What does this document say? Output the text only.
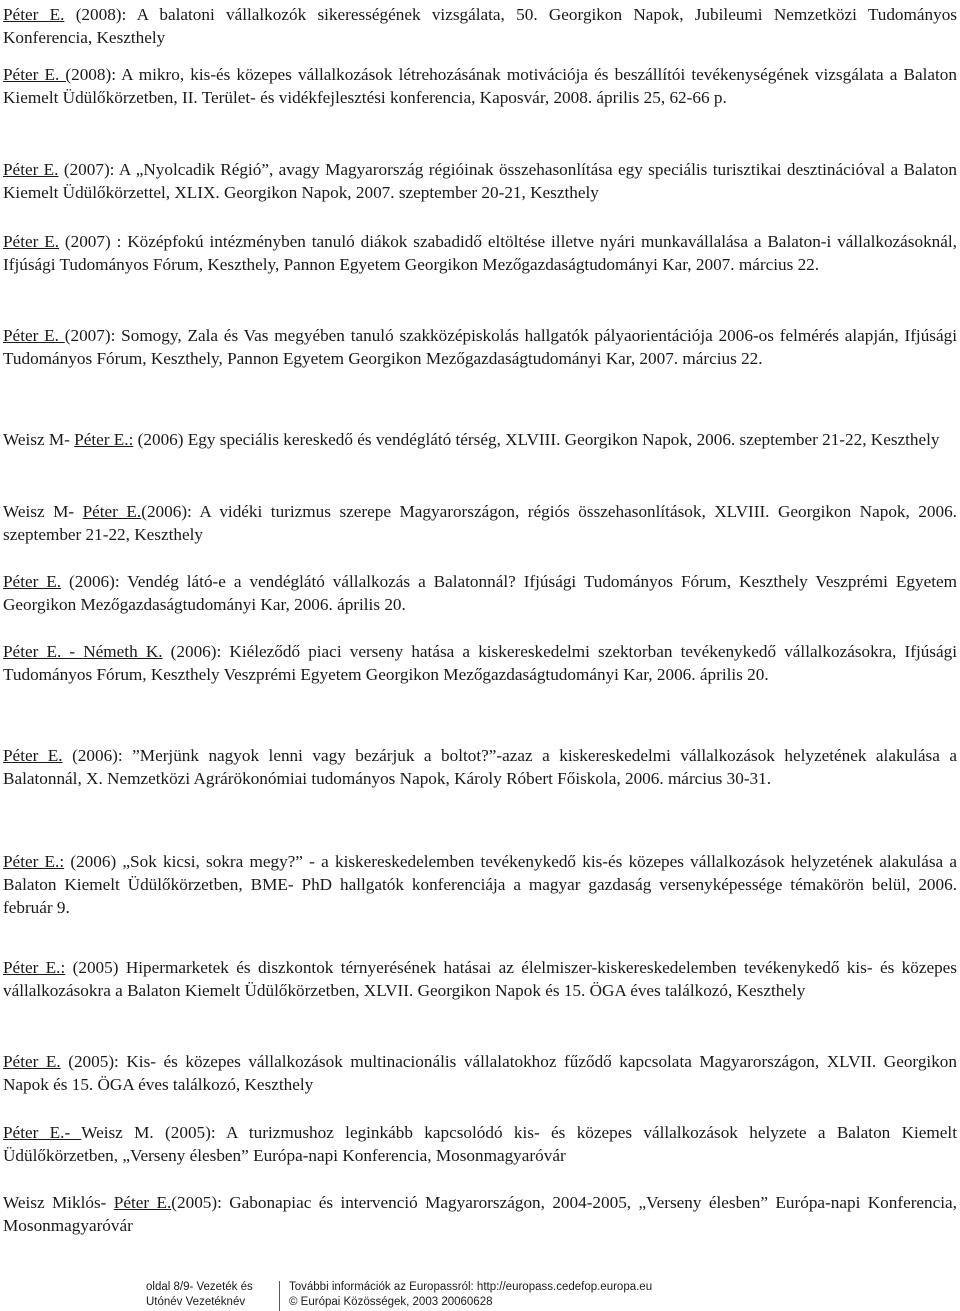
Péter E. (2008): A balatoni vállalkozók sikerességének vizsgálata, 50. Georgikon Napok, Jubileumi Nemzetközi Tudományos Konferencia, Keszthely

Péter E. (2008): A mikro, kis-és közepes vállalkozások létrehozásának motivációja és beszállítói tevékenységének vizsgálata a Balaton Kiemelt Üdülőkörzetben, II. Terület- és vidékfejlesztési konferencia, Kaposvár, 2008. április 25, 62-66 p.

Péter E. (2007): A „Nyolcadik Régió”, avagy Magyarország régióinak összehasonlítása egy speciális turisztikai desztinációval a Balaton Kiemelt Üdülőkörzettel, XLIX. Georgikon Napok, 2007. szeptember 20-21, Keszthely

Péter E. (2007) : Középfokú intézményben tanuló diákok szabadidő eltöltése illetve nyári munkavállalása a Balaton-i vállalkozásoknál, Ifjúsági Tudományos Fórum, Keszthely, Pannon Egyetem Georgikon Mezőgazdaságtudományi Kar, 2007. március 22.

Péter E. (2007): Somogy, Zala és Vas megyében tanuló szakközépiskolás hallgatók pályaorientációja 2006-os felmérés alapján, Ifjúsági Tudományos Fórum, Keszthely, Pannon Egyetem Georgikon Mezőgazdaságtudományi Kar, 2007. március 22.

Weisz M- Péter E.: (2006) Egy speciális kereskedő és vendéglátó térség, XLVIII. Georgikon Napok, 2006. szeptember 21-22, Keszthely

Weisz M- Péter E.(2006): A vidéki turizmus szerepe Magyarországon, régiós összehasonlítások, XLVIII. Georgikon Napok, 2006. szeptember 21-22, Keszthely

Péter E. (2006): Vendég látó-e a vendéglátó vállalkozás a Balatonnál? Ifjúsági Tudományos Fórum, Keszthely Veszprémi Egyetem Georgikon Mezőgazdaságtudományi Kar, 2006. április 20.

Péter E. - Németh K. (2006): Kiéleződő piaci verseny hatása a kiskereskedelmi szektorban tevékenykedő vállalkozásokra, Ifjúsági Tudományos Fórum, Keszthely Veszprémi Egyetem Georgikon Mezőgazdaságtudományi Kar, 2006. április 20.

Péter E. (2006): ”Merjünk nagyok lenni vagy bezárjuk a boltot?”-azaz a kiskereskedelmi vállalkozások helyzetének alakulása a Balatonnál, X. Nemzetközi Agrárökonómiai tudományos Napok, Károly Róbert Főiskola, 2006. március 30-31.

Péter E.: (2006) „Sok kicsi, sokra megy?” - a kiskereskedelemben tevékenykedő kis-és közepes vállalkozások helyzetének alakulása a Balaton Kiemelt Üdülőkörzetben, BME- PhD hallgatók konferenciája a magyar gazdaság versenyképessége témakörön belül, 2006. február 9.

Péter E.: (2005) Hipermarketek és diszkontok térnyerésének hatásai az élelmiszer-kiskereskedelemben tevékenykedő kis- és közepes vállalkozásokra a Balaton Kiemelt Üdülőkörzetben, XLVII. Georgikon Napok és 15. ÖGA éves találkozó, Keszthely

Péter E. (2005): Kis- és közepes vállalkozások multinacionális vállalatokhoz fűződő kapcsolata Magyarországon, XLVII. Georgikon Napok és 15. ÖGA éves találkozó, Keszthely

Péter E.- Weisz M. (2005): A turizmushoz leginkább kapcsolódó kis- és közepes vállalkozások helyzete a Balaton Kiemelt Üdülőkörzetben, „Verseny élesben” Európa-napi Konferencia, Mosonmagyaróvár

Weisz Miklós- Péter E.(2005): Gabonapiac és intervenció Magyarországon, 2004-2005, „Verseny élesben” Európa-napi Konferencia, Mosonmagyaróvár

oldal 8/9- Vezeték és
Utónév Vezetéknév
További információk az Europassról: http://europass.cedefop.europa.eu
© Európai Közösségek, 2003 20060628
